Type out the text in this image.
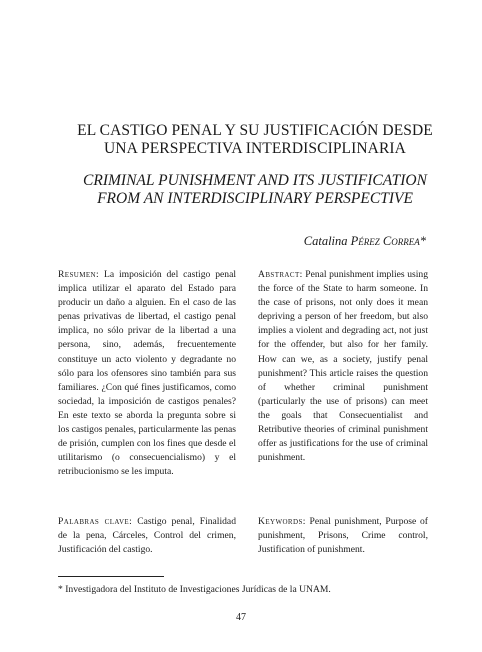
EL CASTIGO PENAL Y SU JUSTIFICACIÓN DESDE
UNA PERSPECTIVA INTERDISCIPLINARIA
CRIMINAL PUNISHMENT AND ITS JUSTIFICATION
FROM AN INTERDISCIPLINARY PERSPECTIVE
Catalina Pérez Correa*
Resumen: La imposición del castigo penal implica utilizar el aparato del Estado para producir un daño a alguien. En el caso de las penas privativas de libertad, el castigo penal implica, no sólo privar de la libertad a una persona, sino, además, frecuentemente constituye un acto violento y degradante no sólo para los ofensores sino también para sus familiares. ¿Con qué fines justificamos, como sociedad, la imposición de castigos penales? En este texto se aborda la pregunta sobre si los castigos penales, particularmente las penas de prisión, cumplen con los fines que desde el utilitarismo (o consecuencialismo) y el retribucionismo se les imputa.
Abstract: Penal punishment implies using the force of the State to harm someone. In the case of prisons, not only does it mean depriving a person of her freedom, but also implies a violent and degrading act, not just for the offender, but also for her family. How can we, as a society, justify penal punishment? This article raises the question of whether criminal punishment (particularly the use of prisons) can meet the goals that Consecuentialist and Retributive theories of criminal punishment offer as justifications for the use of criminal punishment.
Palabras clave: Castigo penal, Finalidad de la pena, Cárceles, Control del crimen, Justificación del castigo.
Keywords: Penal punishment, Purpose of punishment, Prisons, Crime control, Justification of punishment.
* Investigadora del Instituto de Investigaciones Jurídicas de la UNAM.
47
